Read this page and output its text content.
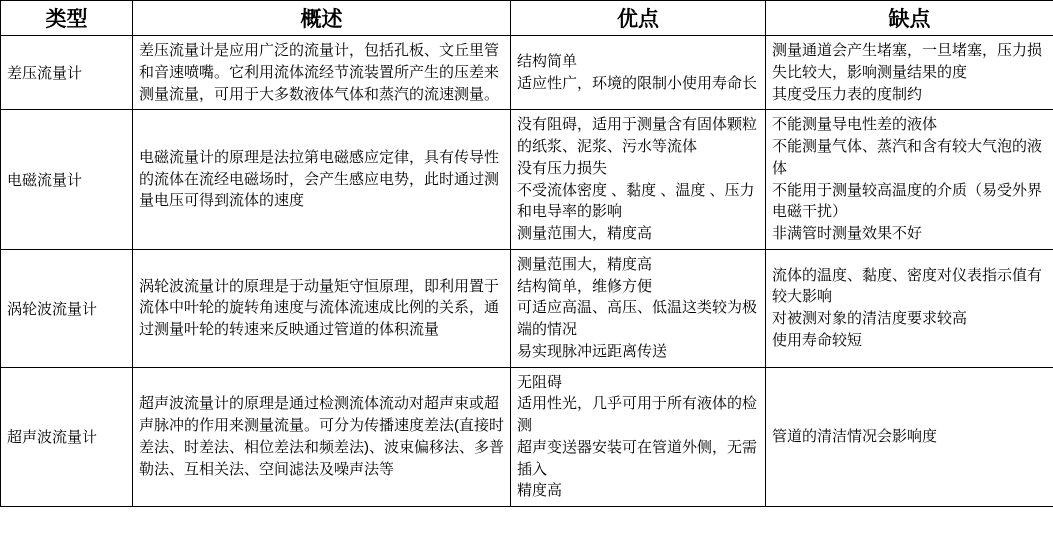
类型	概述	优点	缺点
差压流量计	差压流量计是应用广泛的流量计，包括孔板、文丘里管和音速喷嘴。它利用流体流经节流装置所产生的压差来测量流量，可用于大多数液体气体和蒸汽的流速测量。	结构简单
适应性广，环境的限制小使用寿命长	测量通道会产生堵塞，一旦堵塞，压力损失比较大，影响测量结果的度
其度受压力表的度制约

电磁流量计	电磁流量计的原理是法拉第电磁感应定律，具有传导性的流体在流经电磁场时，会产生感应电势，此时通过测量电压可得到流体的速度	没有阻碍，适用于测量含有固体颗粒的纸浆、泥浆、污水等流体
没有压力损失
不受流体密度 、黏度 、温度 、压力和电导率的影响
测量范围大，精度高	不能测量导电性差的液体
不能测量气体、蒸汽和含有较大气泡的液体
不能用于测量较高温度的介质（易受外界电磁干扰）
非满管时测量效果不好

涡轮波流量计	涡轮波流量计的原理是于动量矩守恒原理，即利用置于流体中叶轮的旋转角速度与流体流速成比例的关系，通过测量叶轮的转速来反映通过管道的体积流量	测量范围大，精度高
结构简单，维修方便
可适应高温、高压、低温这类较为极端的情况
易实现脉冲远距离传送	流体的温度、黏度、密度对仪表指示值有较大影响
对被测对象的清洁度要求较高
使用寿命较短

超声波流量计	超声波流量计的原理是通过检测流体流动对超声束或超声脉冲的作用来测量流量。可分为传播速度差法(直接时差法、时差法、相位差法和频差法)、波束偏移法、多普勒法、互相关法、空间滤法及噪声法等	无阻碍
适用性光，几乎可用于所有液体的检测
超声变送器安装可在管道外侧，无需插入
精度高	管道的清洁情况会影响度
